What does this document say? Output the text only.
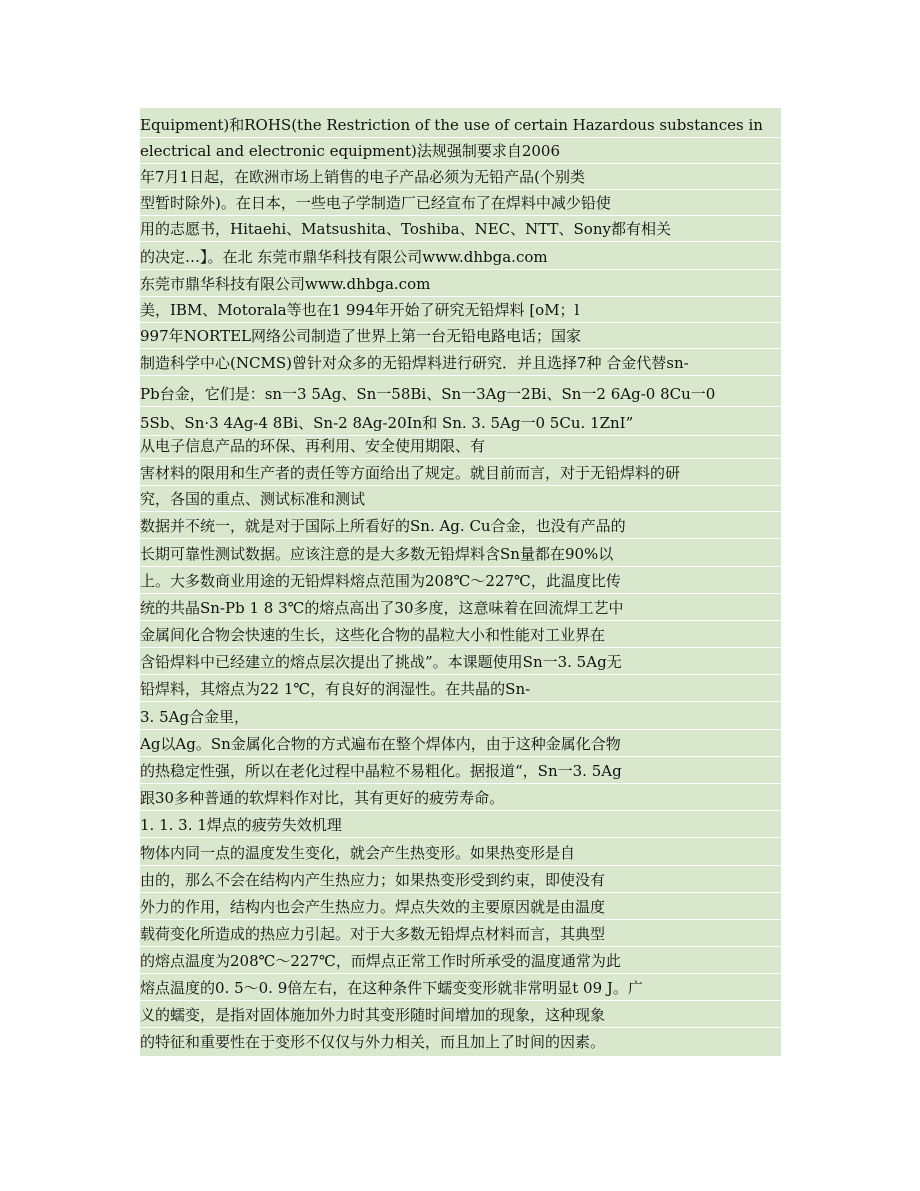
Equipment)和ROHS(the Restriction of the use of certain Hazardous substances in
electrical and electronic equipment)法规强制要求自2006
年7月1日起，在欧洲市场上销售的电子产品必须为无铅产品(个别类
型暂时除外)。在日本，一些电子学制造厂已经宣布了在焊料中减少铅使
用的志愿书，Hitaehi、Matsushita、Toshiba、NEC、NTT、Sony都有相关
的决定…】。在北 东莞市鼎华科技有限公司www.dhbga.com
东莞市鼎华科技有限公司www.dhbga.com
美，IBM、Motorala等也在1 994年开始了研究无铅焊料 [oM；l
997年NORTEL网络公司制造了世界上第一台无铅电路电话；国家
制造科学中心(NCMS)曾针对众多的无铅焊料进行研究．并且选择7种 合金代替sn-
Pb台金，它们是：sn一3 5Ag、Sn一58Bi、Sn一3Ag一2Bi、Sn一2 6Ag-0 8Cu一0
5Sb、Sn·3 4Ag-4 8Bi、Sn-2 8Ag-20In和 Sn. 3. 5Ag一0 5Cu. 1ZnI”
从电子信息产品的环保、再利用、安全使用期限、有
害材料的限用和生产者的责任等方面给出了规定。就目前而言，对于无铅焊料的研
究，各国的重点、测试标准和测试
数据并不统一，就是对于国际上所看好的Sn. Ag. Cu合金，也没有产品的
长期可靠性测试数据。应该注意的是大多数无铅焊料含Sn量都在90%以
上。大多数商业用途的无铅焊料熔点范围为208℃～227℃，此温度比传
统的共晶Sn-Pb 1 8 3℃的熔点高出了30多度，这意味着在回流焊工艺中
金属间化合物会快速的生长，这些化合物的晶粒大小和性能对工业界在
含铅焊料中已经建立的熔点层次提出了挑战”。本课题使用Sn一3. 5Ag无
铅焊料，其熔点为22 1℃，有良好的润湿性。在共晶的Sn-
3. 5Ag合金里，
Ag以Ag。Sn金属化合物的方式遍布在整个焊体内，由于这种金属化合物
的热稳定性强，所以在老化过程中晶粒不易粗化。据报道“，Sn一3. 5Ag
跟30多种普通的软焊料作对比，其有更好的疲劳寿命。
1. 1. 3. 1焊点的疲劳失效机理
物体内同一点的温度发生变化，就会产生热变形。如果热变形是自
由的，那么不会在结构内产生热应力；如果热变形受到约束，即使没有
外力的作用，结构内也会产生热应力。焊点失效的主要原因就是由温度
载荷变化所造成的热应力引起。对于大多数无铅焊点材料而言，其典型
的熔点温度为208℃～227℃，而焊点正常工作时所承受的温度通常为此
熔点温度的0. 5～0. 9倍左右，在这种条件下蠕变变形就非常明显t 09 J。广
义的蠕变，是指对固体施加外力时其变形随时间增加的现象，这种现象
的特征和重要性在于变形不仅仅与外力相关，而且加上了时间的因素。
